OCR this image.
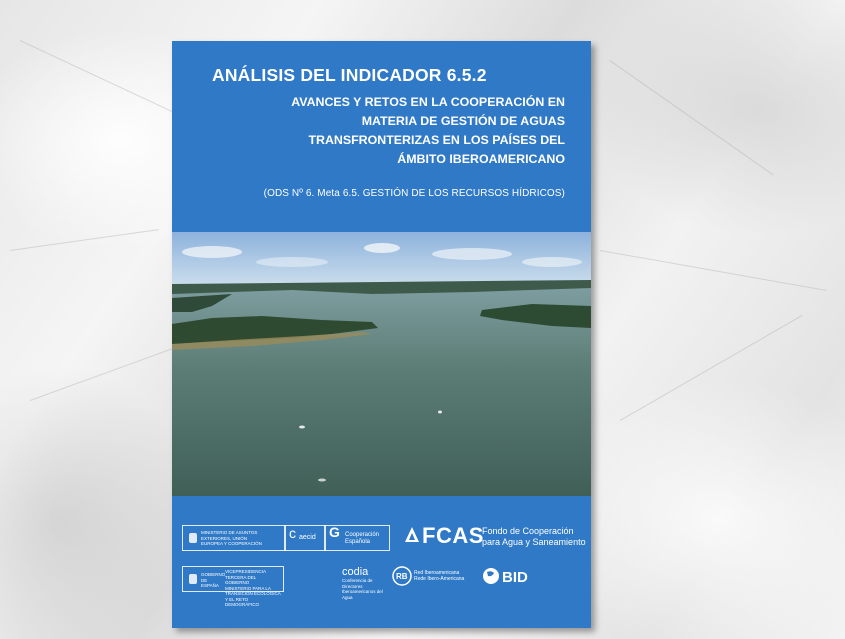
ANÁLISIS DEL INDICADOR 6.5.2
AVANCES Y RETOS EN LA COOPERACIÓN EN
MATERIA DE GESTIÓN DE AGUAS
TRANSFRONTERIZAS EN LOS PAÍSES DEL
ÁMBITO IBEROAMERICANO
(ODS Nº 6. Meta 6.5. GESTIÓN DE LOS RECURSOS HÍDRICOS)
MINISTERIO DE ASUNTOS EXTERIORES, UNIÓN EUROPEA Y COOPERACIÓN
c aecid G Cooperación Española	FCAS
Fondo de Cooperación
para Agua y Saneamiento
GOBIERNO DE ESPAÑA
VICEPRESIDENCIA TERCERA DEL GOBIERNO
MINISTERIO PARA LA TRANSICIÓN ECOLÓGICA Y EL RETO DEMOGRÁFICO
codia
Conferencia de Directores Iberoamericanos del Agua
RB Red Iberoamericana
Rede Ibero-Americana	BID
